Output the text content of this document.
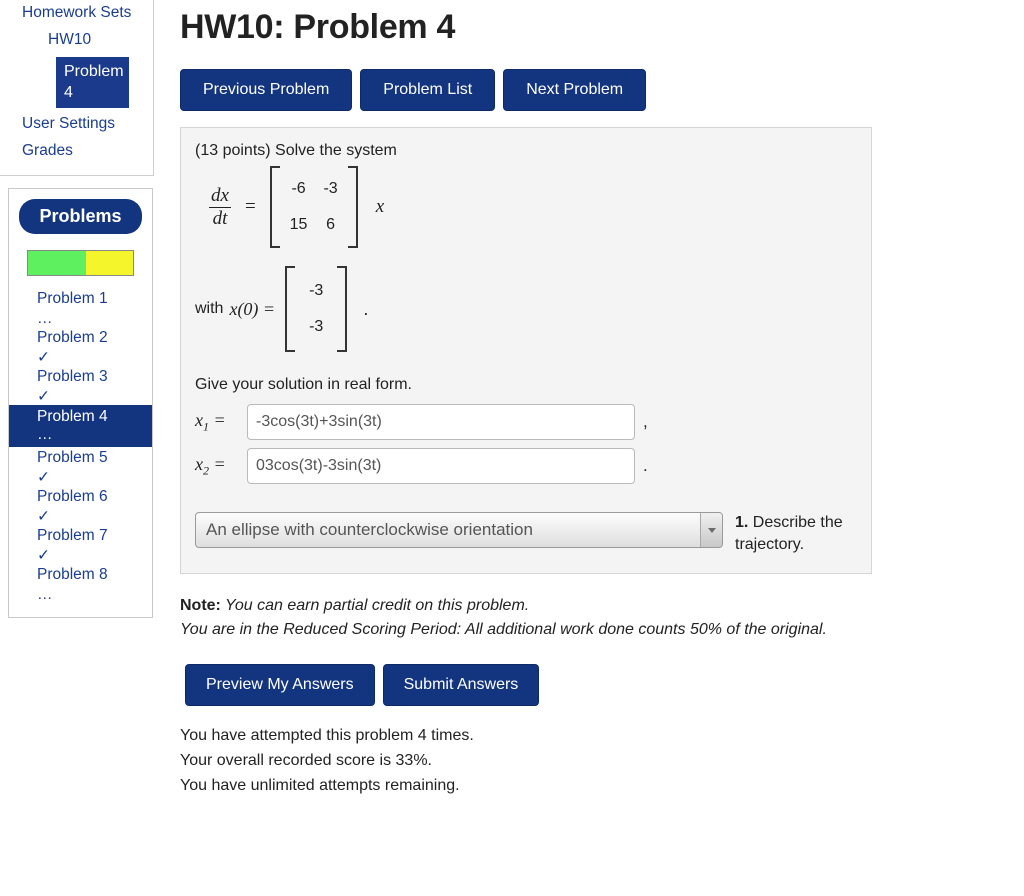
Homework Sets
HW10
Problem 4
User Settings
Grades
Problems
Problem 1
…
Problem 2
✓
Problem 3
✓
Problem 4
…
Problem 5
✓
Problem 6
✓
Problem 7
✓
Problem 8
…
HW10: Problem 4
Previous Problem	Problem List	Next Problem

(13 points) Solve the system

$\frac{dx}{dt}$ =
-6 -3
15 6
x
with x(0) =
-3
-3
.

Give your solution in real form.

$x_1$ =
-3cos(3t)+3sin(3t)	,
$x_2$ =
03cos(3t)-3sin(3t)	.
An ellipse with counterclockwise orientation	1. Describe the trajectory.
Note: You can earn partial credit on this problem.
You are in the Reduced Scoring Period: All additional work done counts 50% of the original.
Preview My Answers	Submit Answers
You have attempted this problem 4 times.
Your overall recorded score is 33%.
You have unlimited attempts remaining.
